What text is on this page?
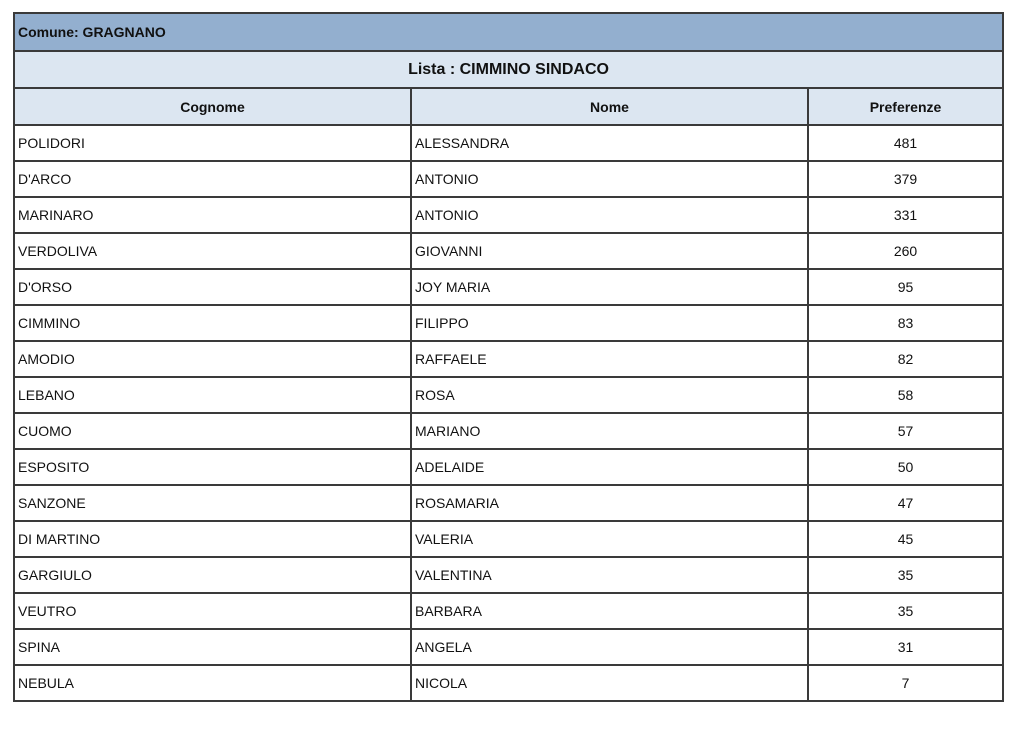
Comune: GRAGNANO		
Lista : CIMMINO SINDACO		
Cognome	Nome	Preferenze
POLIDORI	ALESSANDRA	481
D'ARCO	ANTONIO	379
MARINARO	ANTONIO	331
VERDOLIVA	GIOVANNI	260
D'ORSO	JOY MARIA	95
CIMMINO	FILIPPO	83
AMODIO	RAFFAELE	82
LEBANO	ROSA	58
CUOMO	MARIANO	57
ESPOSITO	ADELAIDE	50
SANZONE	ROSAMARIA	47
DI MARTINO	VALERIA	45
GARGIULO	VALENTINA	35
VEUTRO	BARBARA	35
SPINA	ANGELA	31
NEBULA	NICOLA	7
